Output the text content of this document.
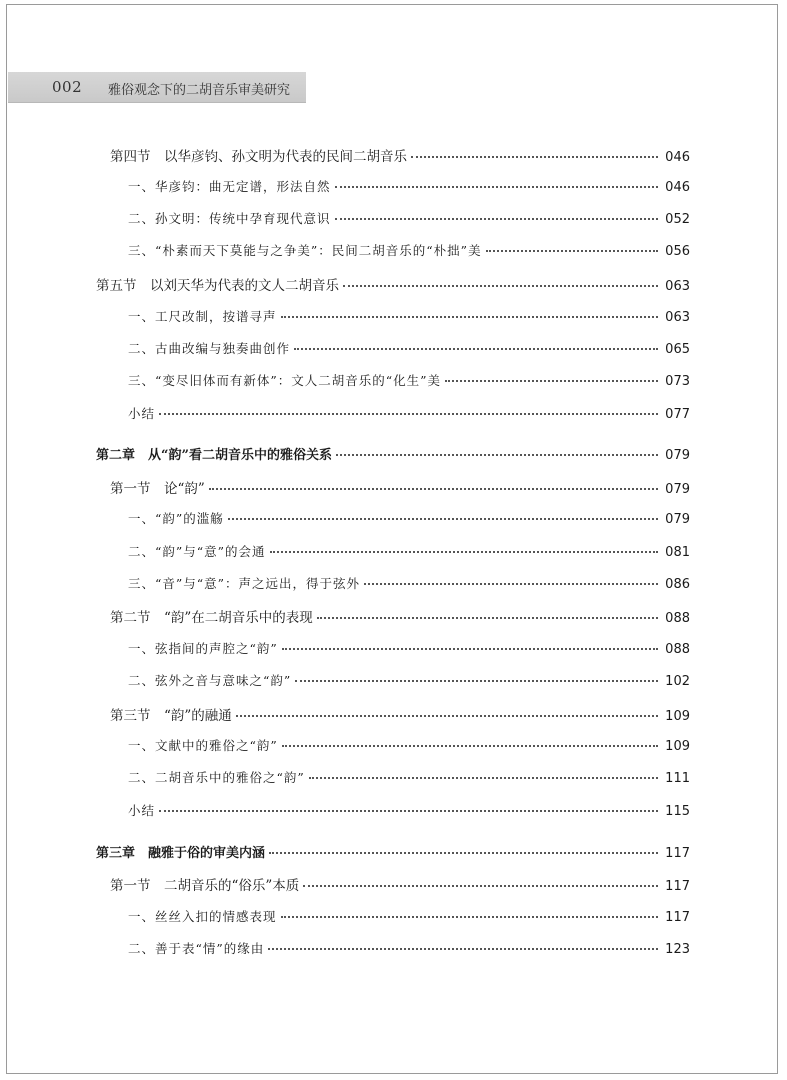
002 雅俗观念下的二胡音乐审美研究
第四节　以华彦钧、孙文明为代表的民间二胡音乐	046
一、华彦钧：曲无定谱，形法自然	046
二、孙文明：传统中孕育现代意识	052
三、“朴素而天下莫能与之争美”：民间二胡音乐的“朴拙”美	056
第五节　以刘天华为代表的文人二胡音乐	063
一、工尺改制，按谱寻声	063
二、古曲改编与独奏曲创作	065
三、“变尽旧体而有新体”：文人二胡音乐的“化生”美	073
小结	077
第二章　从“韵”看二胡音乐中的雅俗关系	079
第一节　论“韵”	079
一、“韵”的滥觞	079
二、“韵”与“意”的会通	081
三、“音”与“意”：声之远出，得于弦外	086
第二节　“韵”在二胡音乐中的表现	088
一、弦指间的声腔之“韵”	088
二、弦外之音与意味之“韵”	102
第三节　“韵”的融通	109
一、文献中的雅俗之“韵”	109
二、二胡音乐中的雅俗之“韵”	111
小结	115
第三章　融雅于俗的审美内涵	117
第一节　二胡音乐的“俗乐”本质	117
一、丝丝入扣的情感表现	117
二、善于表“情”的缘由	123
